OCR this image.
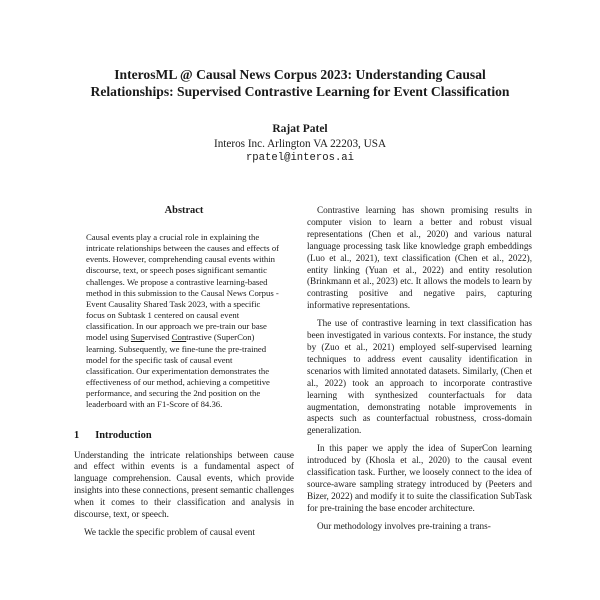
InterosML @ Causal News Corpus 2023: Understanding Causal
Relationships: Supervised Contrastive Learning for Event Classification
Rajat Patel
Interos Inc. Arlington VA 22203, USA
rpatel@interos.ai
Abstract

Causal events play a crucial role in explaining the intricate relationships between the causes and effects of events. However, comprehending causal events within discourse, text, or speech poses significant semantic challenges. We propose a contrastive learning-based method in this submission to the Causal News Corpus - Event Causality Shared Task 2023, with a specific focus on Subtask 1 centered on causal event classification. In our approach we pre-train our base model using Supervised Contrastive (SuperCon) learning. Subsequently, we fine-tune the pre-trained model for the specific task of causal event classification. Our experimentation demonstrates the effectiveness of our method, achieving a competitive performance, and securing the 2nd position on the leaderboard with an F1-Score of 84.36.

1 Introduction

Understanding the intricate relationships between cause and effect within events is a fundamental aspect of language comprehension. Causal events, which provide insights into these connections, present semantic challenges when it comes to their classification and analysis in discourse, text, or speech.

We tackle the specific problem of causal event

Contrastive learning has shown promising results in computer vision to learn a better and robust visual representations (Chen et al., 2020) and various natural language processing task like knowledge graph embeddings (Luo et al., 2021), text classification (Chen et al., 2022), entity linking (Yuan et al., 2022) and entity resolution (Brinkmann et al., 2023) etc. It allows the models to learn by contrasting positive and negative pairs, capturing informative representations.

The use of contrastive learning in text classification has been investigated in various contexts. For instance, the study by (Zuo et al., 2021) employed self-supervised learning techniques to address event causality identification in scenarios with limited annotated datasets. Similarly, (Chen et al., 2022) took an approach to incorporate contrastive learning with synthesized counterfactuals for data augmentation, demonstrating notable improvements in aspects such as counterfactual robustness, cross-domain generalization.

In this paper we apply the idea of SuperCon learning introduced by (Khosla et al., 2020) to the causal event classification task. Further, we loosely connect to the idea of source-aware sampling strategy introduced by (Peeters and Bizer, 2022) and modify it to suite the classification SubTask for pre-training the base encoder architecture.

Our methodology involves pre-training a trans-
